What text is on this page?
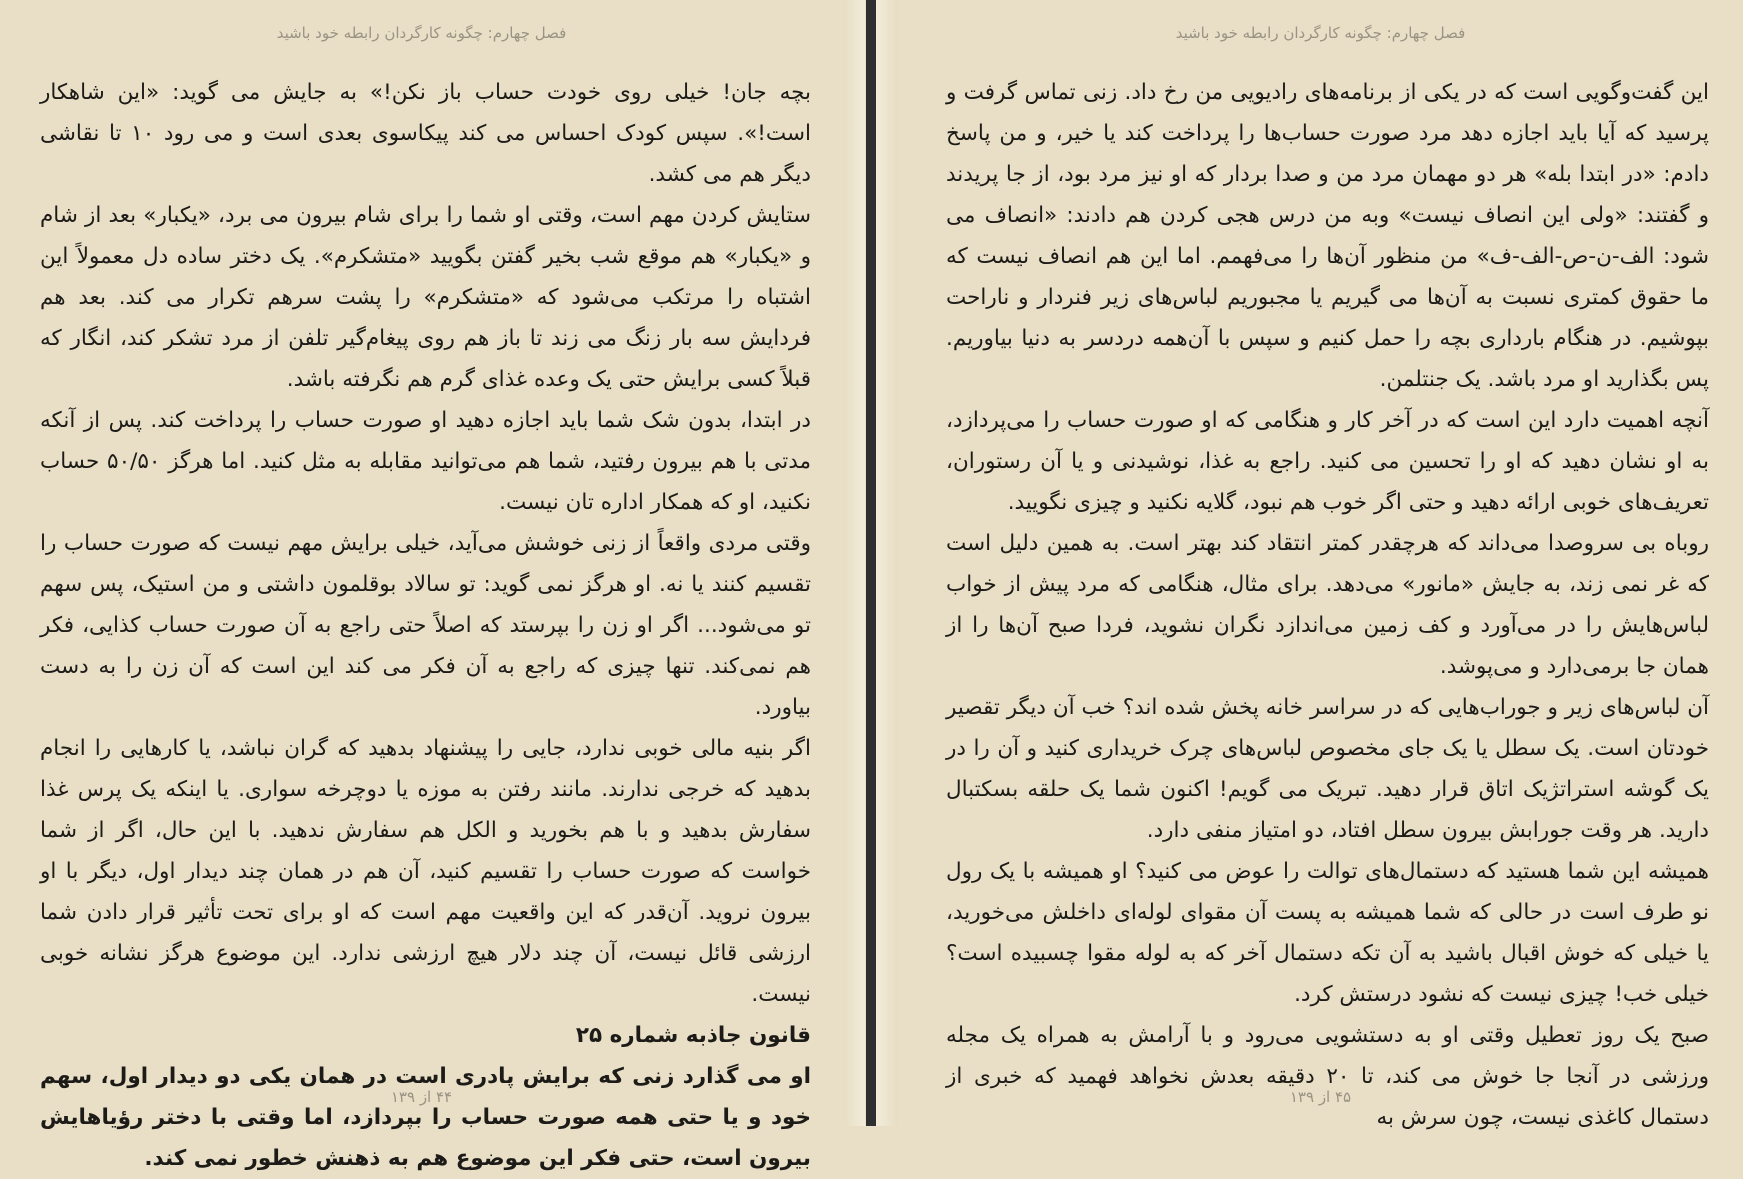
فصل چهارم: چگونه کارگردان رابطه خود باشید

بچه جان! خیلی روی خودت حساب باز نکن!» به جایش می گوید: «این شاهکار است!». سپس کودک احساس می کند پیکاسوی بعدی است و می رود ۱۰ تا نقاشی دیگر هم می کشد.

ستایش کردن مهم است، وقتی او شما را برای شام بیرون می برد، «یکبار» بعد از شام و «یکبار» هم موقع شب بخیر گفتن بگویید «متشکرم». یک دختر ساده دل معمولاً این اشتباه را مرتکب می‌شود که «متشکرم» را پشت سرهم تکرار می کند. بعد هم فردایش سه بار زنگ می زند تا باز هم روی پیغام‌گیر تلفن از مرد تشکر کند، انگار که قبلاً کسی برایش حتی یک وعده غذای گرم هم نگرفته باشد.

در ابتدا، بدون شک شما باید اجازه دهید او صورت حساب را پرداخت کند. پس از آنکه مدتی با هم بیرون رفتید، شما هم می‌توانید مقابله به مثل کنید. اما هرگز ۵۰/۵۰ حساب نکنید، او که همکار اداره تان نیست.

وقتی مردی واقعاً از زنی خوشش می‌آید، خیلی برایش مهم نیست که صورت حساب را تقسیم کنند یا نه. او هرگز نمی گوید: تو سالاد بوقلمون داشتی و من استیک، پس سهم تو می‌شود... اگر او زن را بپرستد که اصلاً حتی راجع به آن صورت حساب کذایی، فکر هم نمی‌کند. تنها چیزی که راجع به آن فکر می کند این است که آن زن را به دست بیاورد.

اگر بنیه مالی خوبی ندارد، جایی را پیشنهاد بدهید که گران نباشد، یا کارهایی را انجام بدهید که خرجی ندارند. مانند رفتن به موزه یا دوچرخه سواری. یا اینکه یک پرس غذا سفارش بدهید و با هم بخورید و الکل هم سفارش ندهید. با این حال، اگر از شما خواست که صورت حساب را تقسیم کنید، آن هم در همان چند دیدار اول، دیگر با او بیرون نروید. آن‌قدر که این واقعیت مهم است که او برای تحت تأثیر قرار دادن شما ارزشی قائل نیست، آن چند دلار هیچ ارزشی ندارد. این موضوع هرگز نشانه خوبی نیست.

قانون جاذبه شماره ۲۵

او می گذارد زنی که برایش پادری است در همان یکی دو دیدار اول، سهم خود و یا حتی همه صورت حساب را بپردازد، اما وقتی با دختر رؤیاهایش بیرون است، حتی فکر این موضوع هم به ذهنش خطور نمی کند.

۴۴ از ۱۳۹

فصل چهارم: چگونه کارگردان رابطه خود باشید

این گفت‌وگویی است که در یکی از برنامه‌های رادیویی من رخ داد. زنی تماس گرفت و پرسید که آیا باید اجازه دهد مرد صورت حساب‌ها را پرداخت کند یا خیر، و من پاسخ دادم: «در ابتدا بله» هر دو مهمان مرد من و صدا بردار که او نیز مرد بود، از جا پریدند و گفتند: «ولی این انصاف نیست» وبه من درس هجی کردن هم دادند: «انصاف می شود: الف-ن-ص-الف-ف» من منظور آن‌ها را می‌فهمم. اما این هم انصاف نیست که ما حقوق کمتری نسبت به آن‌ها می گیریم یا مجبوریم لباس‌های زیر فنردار و ناراحت بپوشیم. در هنگام بارداری بچه را حمل کنیم و سپس با آن‌همه دردسر به دنیا بیاوریم. پس بگذارید او مرد باشد. یک جنتلمن.

آنچه اهمیت دارد این است که در آخر کار و هنگامی که او صورت حساب را می‌پردازد، به او نشان دهید که او را تحسین می کنید. راجع به غذا، نوشیدنی و یا آن رستوران، تعریف‌های خوبی ارائه دهید و حتی اگر خوب هم نبود، گلایه نکنید و چیزی نگویید.

روباه بی سروصدا می‌داند که هرچقدر کمتر انتقاد کند بهتر است. به همین دلیل است که غر نمی زند، به جایش «مانور» می‌دهد. برای مثال، هنگامی که مرد پیش از خواب لباس‌هایش را در می‌آورد و کف زمین می‌اندازد نگران نشوید، فردا صبح آن‌ها را از همان جا برمی‌دارد و می‌پوشد.

آن لباس‌های زیر و جوراب‌هایی که در سراسر خانه پخش شده اند؟ خب آن دیگر تقصیر خودتان است. یک سطل یا یک جای مخصوص لباس‌های چرک خریداری کنید و آن را در یک گوشه استراتژیک اتاق قرار دهید. تبریک می گویم! اکنون شما یک حلقه بسکتبال دارید. هر وقت جورابش بیرون سطل افتاد، دو امتیاز منفی دارد.

همیشه این شما هستید که دستمال‌های توالت را عوض می کنید؟ او همیشه با یک رول نو طرف است در حالی که شما همیشه به پست آن مقوای لوله‌ای داخلش می‌خورید، یا خیلی که خوش اقبال باشید به آن تکه دستمال آخر که به لوله مقوا چسبیده است؟ خیلی خب! چیزی نیست که نشود درستش کرد.

صبح یک روز تعطیل وقتی او به دستشویی می‌رود و با آرامش به همراه یک مجله ورزشی در آنجا جا خوش می کند، تا ۲۰ دقیقه بعدش نخواهد فهمید که خبری از دستمال کاغذی نیست، چون سرش به

۴۵ از ۱۳۹
